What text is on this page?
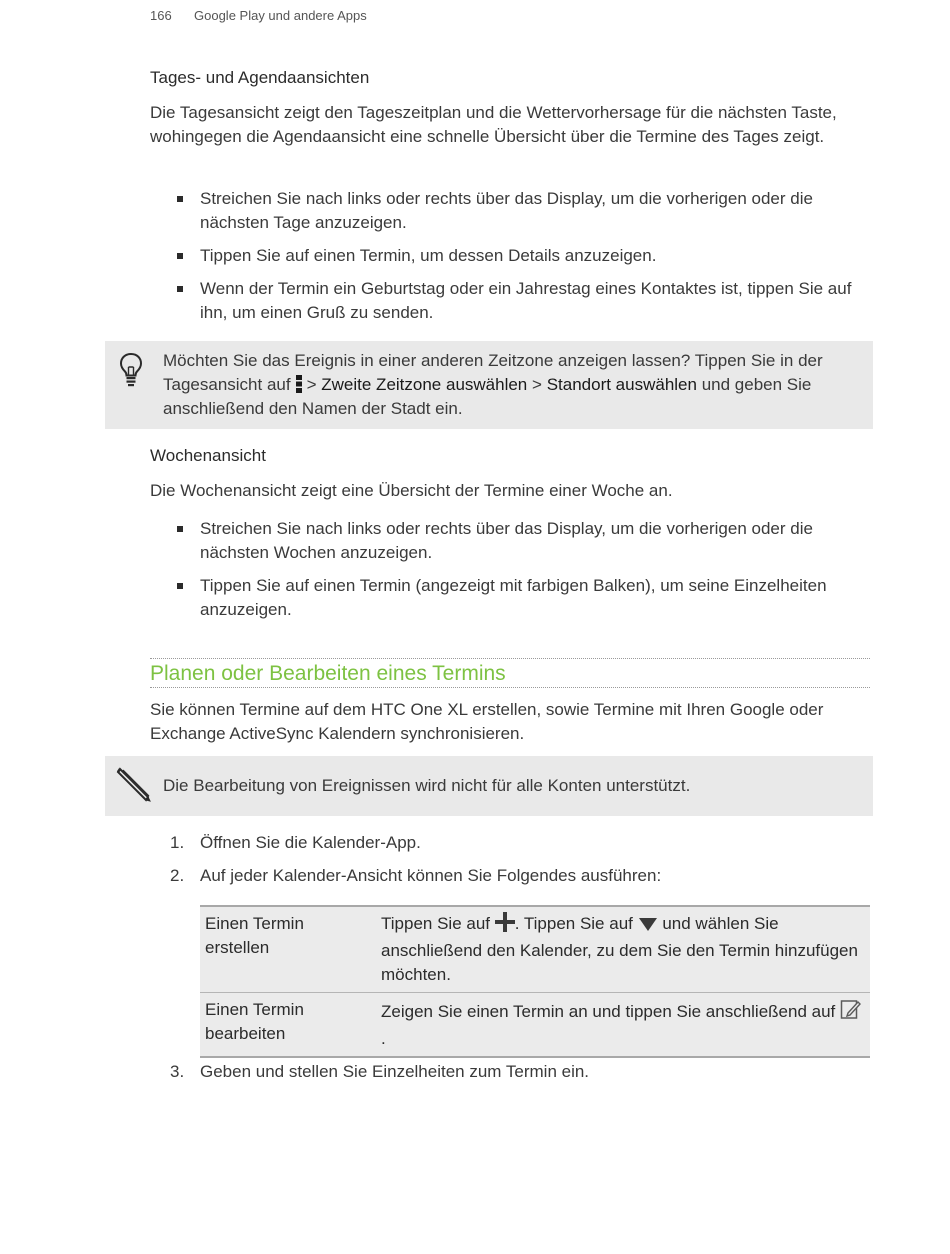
166 Google Play und andere Apps
Tages- und Agendaansichten
Die Tagesansicht zeigt den Tageszeitplan und die Wettervorhersage für die nächsten Taste, wohingegen die Agendaansicht eine schnelle Übersicht über die Termine des Tages zeigt.
Streichen Sie nach links oder rechts über das Display, um die vorherigen oder die nächsten Tage anzuzeigen.
Tippen Sie auf einen Termin, um dessen Details anzuzeigen.
Wenn der Termin ein Geburtstag oder ein Jahrestag eines Kontaktes ist, tippen Sie auf ihn, um einen Gruß zu senden.
Möchten Sie das Ereignis in einer anderen Zeitzone anzeigen lassen? Tippen Sie in der Tagesansicht auf > Zweite Zeitzone auswählen > Standort auswählen und geben Sie anschließend den Namen der Stadt ein.
Wochenansicht
Die Wochenansicht zeigt eine Übersicht der Termine einer Woche an.
Streichen Sie nach links oder rechts über das Display, um die vorherigen oder die nächsten Wochen anzuzeigen.
Tippen Sie auf einen Termin (angezeigt mit farbigen Balken), um seine Einzelheiten anzuzeigen.
Planen oder Bearbeiten eines Termins
Sie können Termine auf dem HTC One XL erstellen, sowie Termine mit Ihren Google oder Exchange ActiveSync Kalendern synchronisieren.
Die Bearbeitung von Ereignissen wird nicht für alle Konten unterstützt.
1. Öffnen Sie die Kalender-App.
2. Auf jeder Kalender-Ansicht können Sie Folgendes ausführen:
Einen Termin erstellen	Tippen Sie auf . Tippen Sie auf und wählen Sie anschließend den Kalender, zu dem Sie den Termin hinzufügen möchten.
Einen Termin bearbeiten	Zeigen Sie einen Termin an und tippen Sie anschließend auf .
3. Geben und stellen Sie Einzelheiten zum Termin ein.
